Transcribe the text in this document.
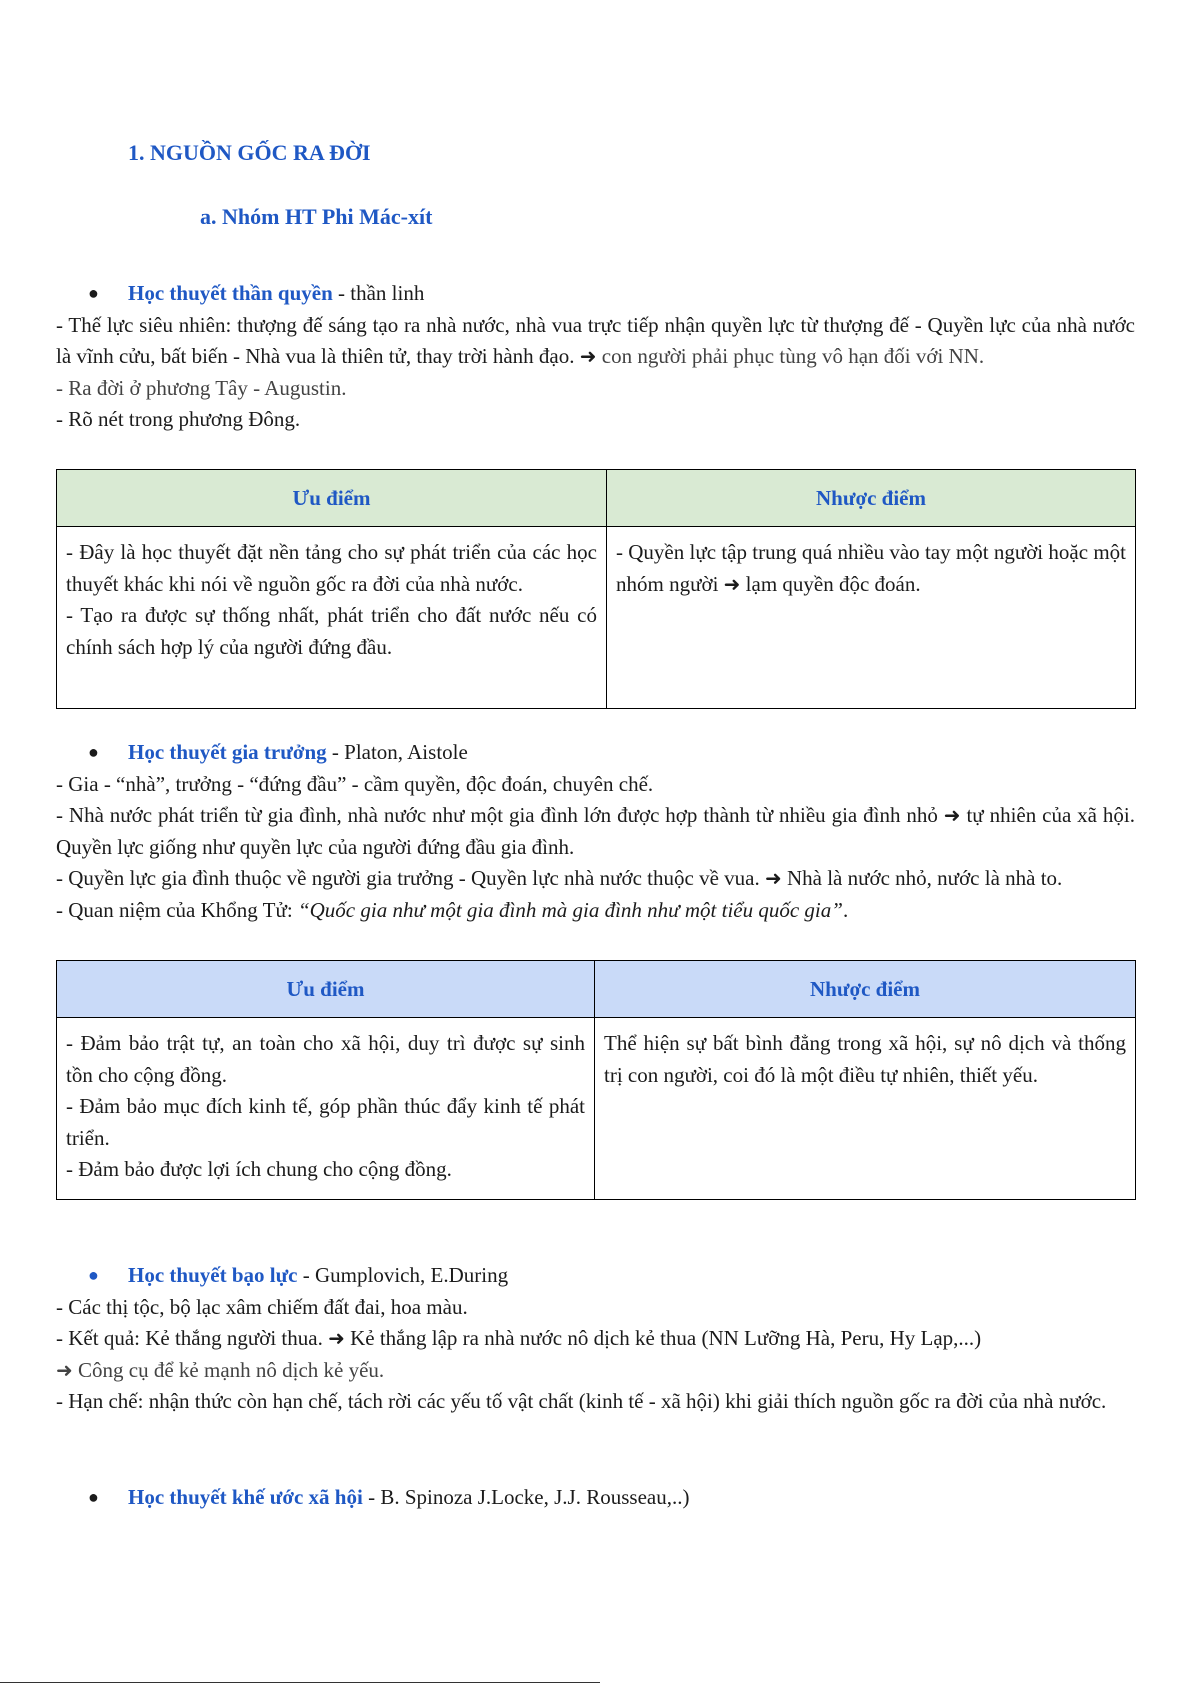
1. NGUỒN GỐC RA ĐỜI
a. Nhóm HT Phi Mác-xít
● Học thuyết thần quyền - thần linh
- Thế lực siêu nhiên: thượng đế sáng tạo ra nhà nước, nhà vua trực tiếp nhận quyền lực từ thượng đế - Quyền lực của nhà nước là vĩnh cửu, bất biến - Nhà vua là thiên tử, thay trời hành đạo. ➜ con người phải phục tùng vô hạn đối với NN.
- Ra đời ở phương Tây - Augustin.
- Rõ nét trong phương Đông.
Ưu điểm	Nhược điểm
- Đây là học thuyết đặt nền tảng cho sự phát triển của các học thuyết khác khi nói về nguồn gốc ra đời của nhà nước.
- Tạo ra được sự thống nhất, phát triển cho đất nước nếu có chính sách hợp lý của người đứng đầu.	- Quyền lực tập trung quá nhiều vào tay một người hoặc một nhóm người ➜ lạm quyền độc đoán.
● Học thuyết gia trưởng - Platon, Aistole
- Gia - “nhà”, trưởng - “đứng đầu” - cầm quyền, độc đoán, chuyên chế.
- Nhà nước phát triển từ gia đình, nhà nước như một gia đình lớn được hợp thành từ nhiều gia đình nhỏ ➜ tự nhiên của xã hội. Quyền lực giống như quyền lực của người đứng đầu gia đình.
- Quyền lực gia đình thuộc về người gia trưởng - Quyền lực nhà nước thuộc về vua. ➜ Nhà là nước nhỏ, nước là nhà to.
- Quan niệm của Khổng Tử: “Quốc gia như một gia đình mà gia đình như một tiểu quốc gia”.
Ưu điểm	Nhược điểm
- Đảm bảo trật tự, an toàn cho xã hội, duy trì được sự sinh tồn cho cộng đồng.
- Đảm bảo mục đích kinh tế, góp phần thúc đẩy kinh tế phát triển.
- Đảm bảo được lợi ích chung cho cộng đồng.	Thể hiện sự bất bình đẳng trong xã hội, sự nô dịch và thống trị con người, coi đó là một điều tự nhiên, thiết yếu.
● Học thuyết bạo lực - Gumplovich, E.During
- Các thị tộc, bộ lạc xâm chiếm đất đai, hoa màu.
- Kết quả: Kẻ thắng người thua. ➜ Kẻ thắng lập ra nhà nước nô dịch kẻ thua (NN Lưỡng Hà, Peru, Hy Lạp,...)
➜ Công cụ để kẻ mạnh nô dịch kẻ yếu.
- Hạn chế: nhận thức còn hạn chế, tách rời các yếu tố vật chất (kinh tế - xã hội) khi giải thích nguồn gốc ra đời của nhà nước.
● Học thuyết khế ước xã hội - B. Spinoza J.Locke, J.J. Rousseau,..)
